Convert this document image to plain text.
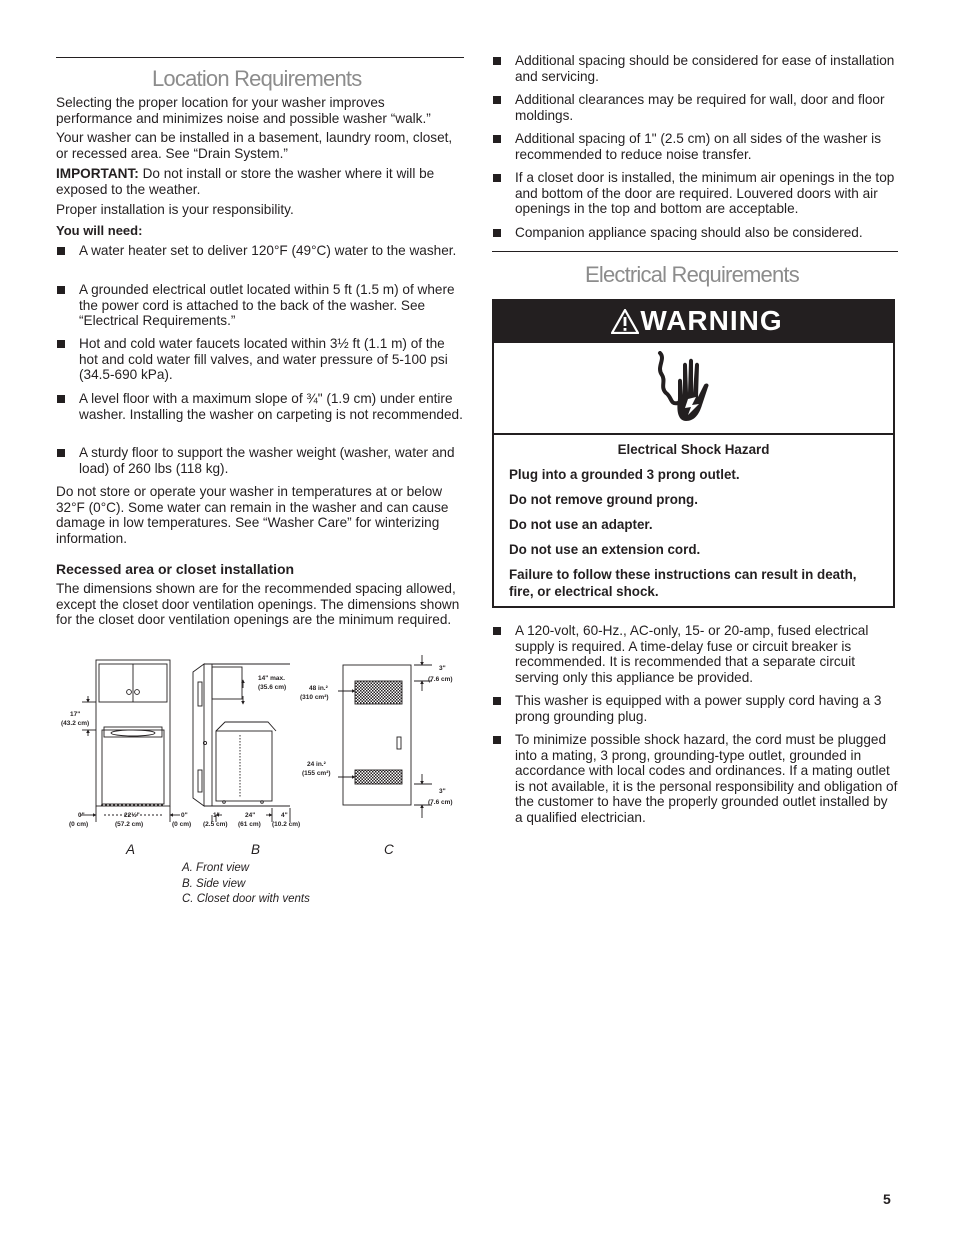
Location Requirements

Selecting the proper location for your washer improves performance and minimizes noise and possible washer “walk.”

Your washer can be installed in a basement, laundry room, closet, or recessed area. See “Drain System.”

IMPORTANT: Do not install or store the washer where it will be exposed to the weather.

Proper installation is your responsibility.

You will need:

A water heater set to deliver 120°F (49°C) water to the washer.
A grounded electrical outlet located within 5 ft (1.5 m) of where the power cord is attached to the back of the washer. See “Electrical Requirements.”
Hot and cold water faucets located within 3½ ft (1.1 m) of the hot and cold water fill valves, and water pressure of 5-100 psi (34.5-690 kPa).
A level floor with a maximum slope of ¾" (1.9 cm) under entire washer. Installing the washer on carpeting is not recommended.
A sturdy floor to support the washer weight (washer, water and load) of 260 lbs (118 kg).

Do not store or operate your washer in temperatures at or below 32°F (0°C). Some water can remain in the washer and can cause damage in low temperatures. See “Washer Care” for winterizing information.

Recessed area or closet installation

The dimensions shown are for the recommended spacing allowed, except the closet door ventilation openings. The dimensions shown for the closet door ventilation openings are the minimum required.

17"
(43.2 cm)
0"
(0 cm)
22½"
(57.2 cm)
0"
(0 cm)
14" max.
(35.6 cm)
1"
(2.5 cm)
24"
(61 cm)
4"
(10.2 cm)
48 in.²
(310 cm²)
24 in.²
(155 cm²)
3"
(7.6 cm)
3"
(7.6 cm)
A	B	C
A. Front view
B. Side view
C. Closet door with vents
Additional spacing should be considered for ease of installation and servicing.
Additional clearances may be required for wall, door and floor moldings.
Additional spacing of 1" (2.5 cm) on all sides of the washer is recommended to reduce noise transfer.
If a closet door is installed, the minimum air openings in the top and bottom of the door are required. Louvered doors with air openings in the top and bottom are acceptable.
Companion appliance spacing should also be considered.
Electrical Requirements
WARNING
Electrical Shock Hazard
Plug into a grounded 3 prong outlet.
Do not remove ground prong.
Do not use an adapter.
Do not use an extension cord.
Failure to follow these instructions can result in death, fire, or electrical shock.
A 120-volt, 60-Hz., AC-only, 15- or 20-amp, fused electrical supply is required. A time-delay fuse or circuit breaker is recommended. It is recommended that a separate circuit serving only this appliance be provided.
This washer is equipped with a power supply cord having a 3 prong grounding plug.
To minimize possible shock hazard, the cord must be plugged into a mating, 3 prong, grounding-type outlet, grounded in accordance with local codes and ordinances. If a mating outlet is not available, it is the personal responsibility and obligation of the customer to have the properly grounded outlet installed by a qualified electrician.
5
